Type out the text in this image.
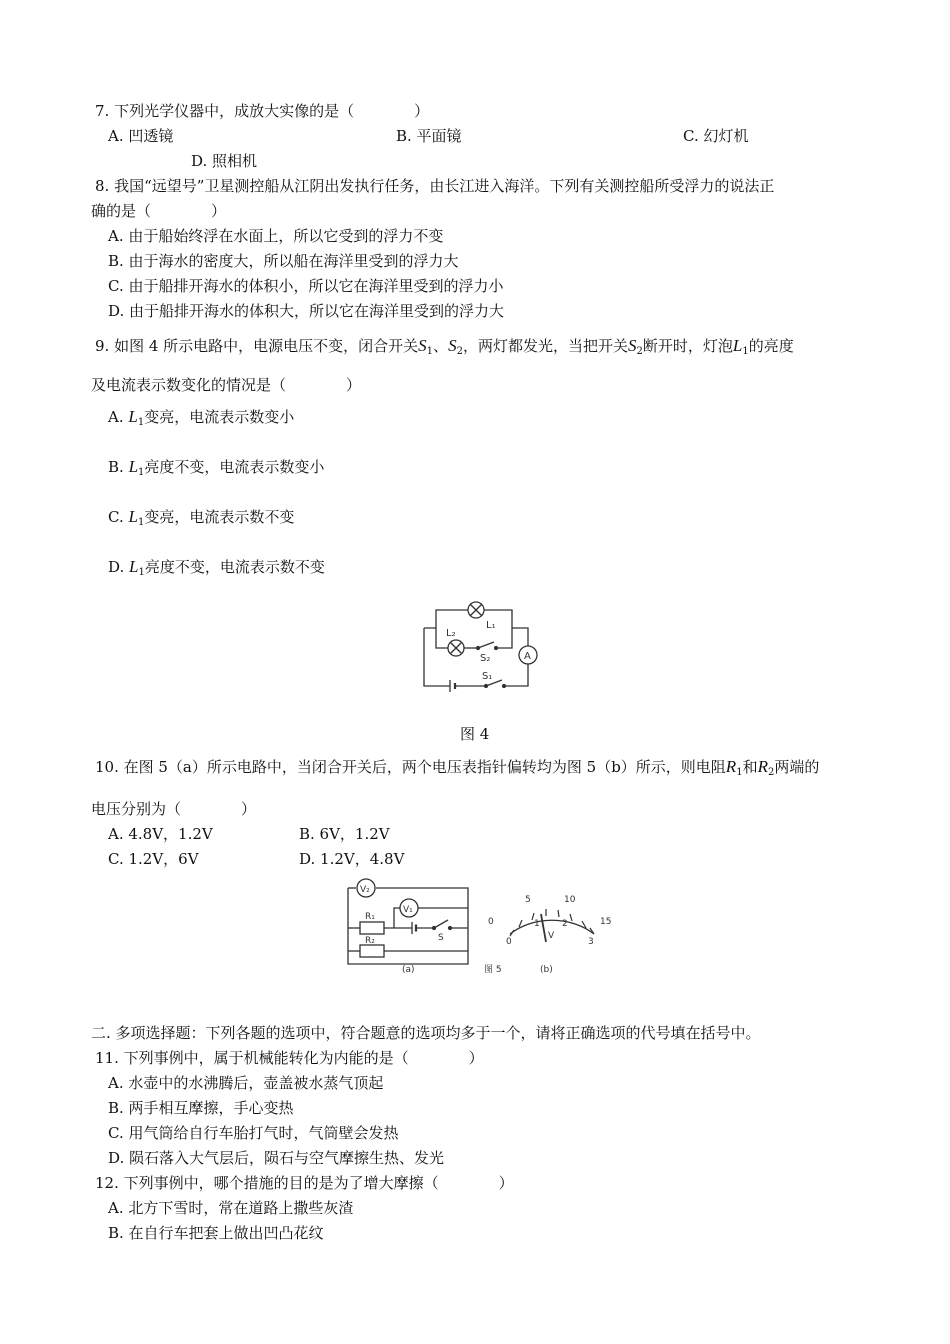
7. 下列光学仪器中，成放大实像的是（　　　　）
A. 凹透镜	B. 平面镜	C. 幻灯机
D. 照相机
8. 我国“远望号”卫星测控船从江阴出发执行任务，由长江进入海洋。下列有关测控船所受浮力的说法正
确的是（　　　　）
A. 由于船始终浮在水面上，所以它受到的浮力不变
B. 由于海水的密度大，所以船在海洋里受到的浮力大
C. 由于船排开海水的体积小，所以它在海洋里受到的浮力小
D. 由于船排开海水的体积大，所以它在海洋里受到的浮力大
9. 如图 4 所示电路中，电源电压不变，闭合开关$S_1$、$S_2$，两灯都发光，当把开关$S_2$断开时，灯泡$L_1$的亮度
及电流表示数变化的情况是（　　　　）
A. $L_1$变亮，电流表示数变小
B. $L_1$亮度不变，电流表示数变小
C. $L_1$变亮，电流表示数不变
D. $L_1$亮度不变，电流表示数不变
L₁
L₂
S₂
S₁
A
图 4
10. 在图 5（a）所示电路中，当闭合开关后，两个电压表指针偏转均为图 5（b）所示，则电阻$R_1$和$R_2$两端的
电压分别为（　　　　）
A. 4.8V，1.2V	B. 6V，1.2V
C. 1.2V，6V	D. 1.2V，4.8V
V₂
V₁
R₁
R₂	S
(a)	图 5	(b)
0
5	10
15
0
1 2
3
V
二. 多项选择题：下列各题的选项中，符合题意的选项均多于一个，请将正确选项的代号填在括号中。
11. 下列事例中，属于机械能转化为内能的是（　　　　）
A. 水壶中的水沸腾后，壶盖被水蒸气顶起
B. 两手相互摩擦，手心变热
C. 用气筒给自行车胎打气时，气筒壁会发热
D. 陨石落入大气层后，陨石与空气摩擦生热、发光
12. 下列事例中，哪个措施的目的是为了增大摩擦（　　　　）
A. 北方下雪时，常在道路上撒些灰渣
B. 在自行车把套上做出凹凸花纹
